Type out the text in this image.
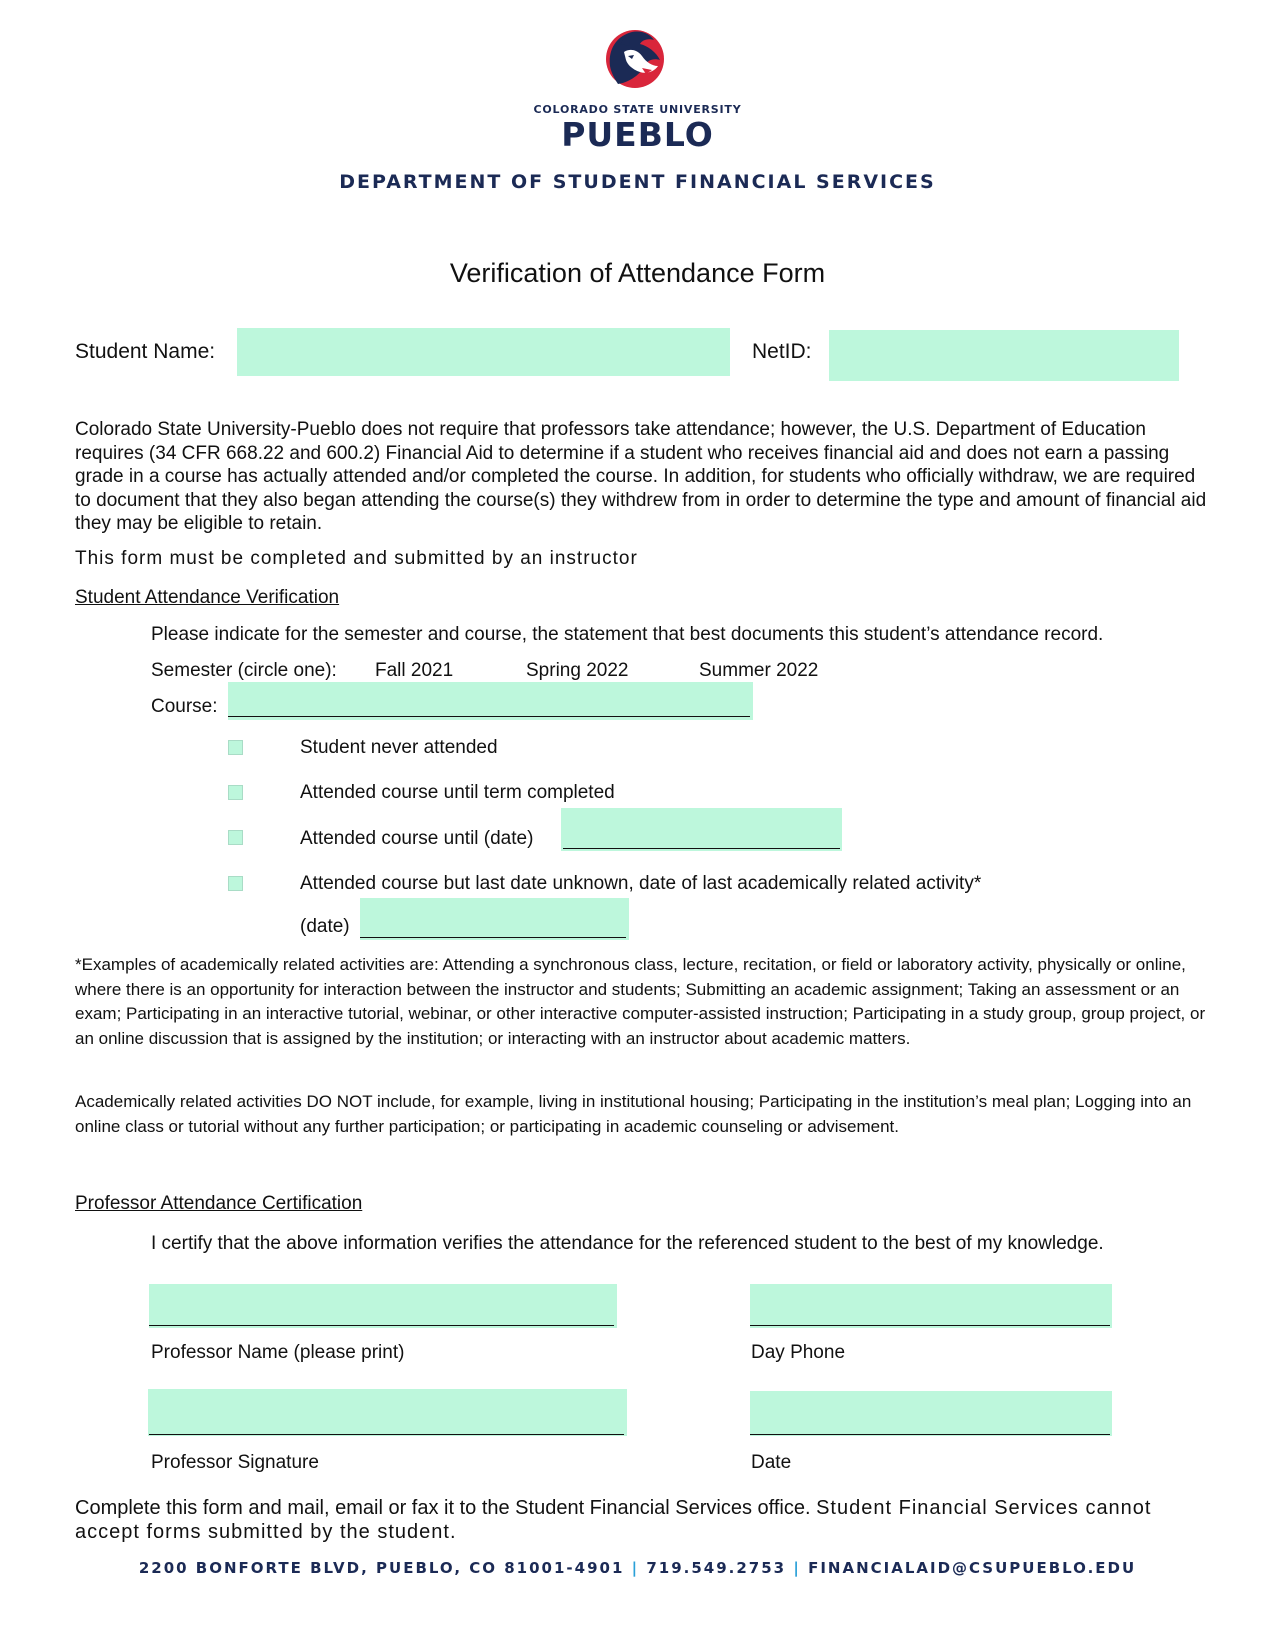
COLORADO STATE UNIVERSITY
PUEBLO
DEPARTMENT OF STUDENT FINANCIAL SERVICES
Verification of Attendance Form
Student Name:	NetID:
Colorado State University-Pueblo does not require that professors take attendance; however, the U.S. Department of Education requires (34 CFR 668.22 and 600.2) Financial Aid to determine if a student who receives financial aid and does not earn a passing grade in a course has actually attended and/or completed the course. In addition, for students who officially withdraw, we are required to document that they also began attending the course(s) they withdrew from in order to determine the type and amount of financial aid they may be eligible to retain.
This form must be completed and submitted by an instructor
Student Attendance Verification
Please indicate for the semester and course, the statement that best documents this student’s attendance record.
Semester (circle one): Fall 2021	Spring 2022	Summer 2022
Course:
Student never attended
Attended course until term completed
Attended course until (date)
Attended course but last date unknown, date of last academically related activity*
(date)
*Examples of academically related activities are: Attending a synchronous class, lecture, recitation, or field or laboratory activity, physically or online, where there is an opportunity for interaction between the instructor and students; Submitting an academic assignment; Taking an assessment or an exam; Participating in an interactive tutorial, webinar, or other interactive computer-assisted instruction; Participating in a study group, group project, or an online discussion that is assigned by the institution; or interacting with an instructor about academic matters.
Academically related activities DO NOT include, for example, living in institutional housing; Participating in the institution’s meal plan; Logging into an online class or tutorial without any further participation; or participating in academic counseling or advisement.
Professor Attendance Certification
I certify that the above information verifies the attendance for the referenced student to the best of my knowledge.
Professor Name (please print)	Day Phone
Professor Signature	Date
Complete this form and mail, email or fax it to the Student Financial Services office. Student Financial Services cannot accept forms submitted by the student.
2200 BONFORTE BLVD, PUEBLO, CO 81001-4901 | 719.549.2753 | FINANCIALAID@CSUPUEBLO.EDU
